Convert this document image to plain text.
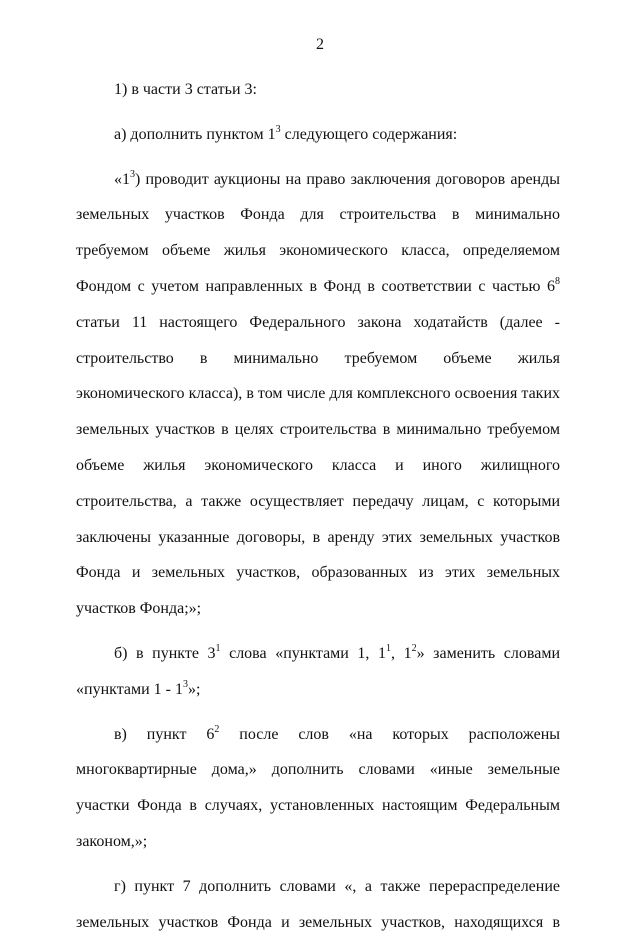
2

1) в части 3 статьи 3:

а) дополнить пунктом $1^3$ следующего содержания:

«$1^3$) проводит аукционы на право заключения договоров аренды земельных участков Фонда для строительства в минимально требуемом объеме жилья экономического класса, определяемом Фондом с учетом направленных в Фонд в соответствии с частью $6^8$ статьи 11 настоящего Федерального закона ходатайств (далее - строительство в минимально требуемом объеме жилья экономического класса), в том числе для комплексного освоения таких земельных участков в целях строительства в минимально требуемом объеме жилья экономического класса и иного жилищного строительства, а также осуществляет передачу лицам, с которыми заключены указанные договоры, в аренду этих земельных участков Фонда и земельных участков, образованных из этих земельных участков Фонда;»;

б) в пункте $3^1$ слова «пунктами 1, $1^1$, $1^2$» заменить словами «пунктами $1 - 1^3$»;

в) пункт $6^2$ после слов «на которых расположены многоквартирные дома,» дополнить словами «иные земельные участки Фонда в случаях, установленных настоящим Федеральным законом,»;

г) пункт 7 дополнить словами «, а также перераспределение земельных участков Фонда и земельных участков, находящихся в
